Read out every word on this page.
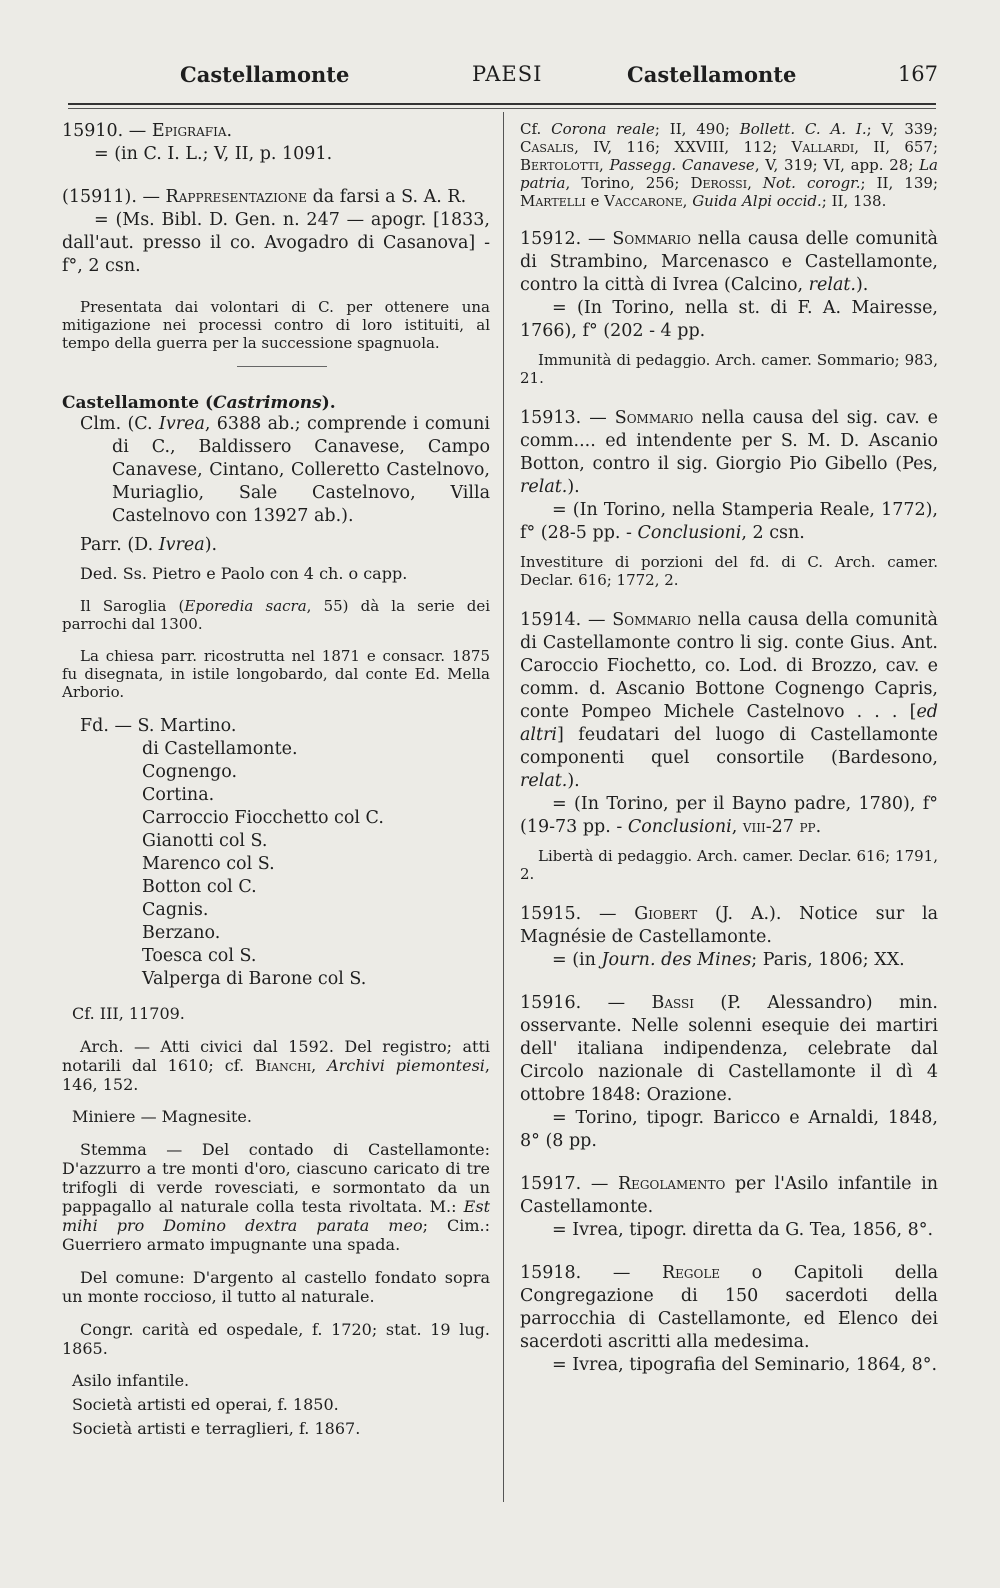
Castellamonte	PAESI	Castellamonte	167
15910. — Epigrafia.
= (in C. I. L.; V, II, p. 1091.
(15911). — Rappresentazione da farsi a S. A. R.
= (Ms. Bibl. D. Gen. n. 247 — apogr. [1833, dall'aut. presso il co. Avogadro di Casanova] - f°, 2 csn.
Presentata dai volontari di C. per ottenere una mitigazione nei processi contro di loro istituiti, al tempo della guerra per la successione spagnuola.
Castellamonte (Castrimons).
Clm. (C. Ivrea, 6388 ab.; comprende i comuni di C., Baldissero Canavese, Campo Canavese, Cintano, Colleretto Castelnovo, Muriaglio, Sale Castelnovo, Villa Castelnovo con 13927 ab.).
Parr. (D. Ivrea).
Ded. Ss. Pietro e Paolo con 4 ch. o capp.
Il Saroglia (Eporedia sacra, 55) dà la serie dei parrochi dal 1300.
La chiesa parr. ricostrutta nel 1871 e consacr. 1875 fu disegnata, in istile longobardo, dal conte Ed. Mella Arborio.
Fd. — S. Martino.
di Castellamonte.
Cognengo.
Cortina.
Carroccio Fiocchetto col C.
Gianotti col S.
Marenco col S.
Botton col C.
Cagnis.
Berzano.
Toesca col S.
Valperga di Barone col S.
Cf. III, 11709.
Arch. — Atti civici dal 1592. Del registro; atti notarili dal 1610; cf. Bianchi, Archivi piemontesi, 146, 152.
Miniere — Magnesite.
Stemma — Del contado di Castellamonte: D'azzurro a tre monti d'oro, ciascuno caricato di tre trifogli di verde rovesciati, e sormontato da un pappagallo al naturale colla testa rivoltata. M.: Est mihi pro Domino dextra parata meo; Cim.: Guerriero armato impugnante una spada.
Del comune: D'argento al castello fondato sopra un monte roccioso, il tutto al naturale.
Congr. carità ed ospedale, f. 1720; stat. 19 lug. 1865.
Asilo infantile.
Società artisti ed operai, f. 1850.
Società artisti e terraglieri, f. 1867.
Cf. Corona reale; II, 490; Bollett. C. A. I.; V, 339; Casalis, IV, 116; XXVIII, 112; Vallardi, II, 657; Bertolotti, Passegg. Canavese, V, 319; VI, app. 28; La patria, Torino, 256; Derossi, Not. corogr.; II, 139; Martelli e Vaccarone, Guida Alpi occid.; II, 138.
15912. — Sommario nella causa delle comunità di Strambino, Marcenasco e Castellamonte, contro la città di Ivrea (Calcino, relat.).
= (In Torino, nella st. di F. A. Mairesse, 1766), f° (202 - 4 pp.
Immunità di pedaggio. Arch. camer. Sommario; 983, 21.
15913. — Sommario nella causa del sig. cav. e comm.... ed intendente per S. M. D. Ascanio Botton, contro il sig. Giorgio Pio Gibello (Pes, relat.).
= (In Torino, nella Stamperia Reale, 1772), f° (28-5 pp. - Conclusioni, 2 csn.
Investiture di porzioni del fd. di C. Arch. camer. Declar. 616; 1772, 2.
15914. — Sommario nella causa della comunità di Castellamonte contro li sig. conte Gius. Ant. Caroccio Fiochetto, co. Lod. di Brozzo, cav. e comm. d. Ascanio Bottone Cognengo Capris, conte Pompeo Michele Castelnovo . . . [ed altri] feudatari del luogo di Castellamonte componenti quel consortile (Bardesono, relat.).
= (In Torino, per il Bayno padre, 1780), f° (19-73 pp. - Conclusioni, viii-27 pp.
Libertà di pedaggio. Arch. camer. Declar. 616; 1791, 2.
15915. — Giobert (J. A.). Notice sur la Magnésie de Castellamonte.
= (in Journ. des Mines; Paris, 1806; XX.
15916. — Bassi (P. Alessandro) min. osservante. Nelle solenni esequie dei martiri dell' italiana indipendenza, celebrate dal Circolo nazionale di Castellamonte il dì 4 ottobre 1848: Orazione.
= Torino, tipogr. Baricco e Arnaldi, 1848, 8° (8 pp.
15917. — Regolamento per l'Asilo infantile in Castellamonte.
= Ivrea, tipogr. diretta da G. Tea, 1856, 8°.
15918. — Regole o Capitoli della Congregazione di 150 sacerdoti della parrocchia di Castellamonte, ed Elenco dei sacerdoti ascritti alla medesima.
= Ivrea, tipografia del Seminario, 1864, 8°.
